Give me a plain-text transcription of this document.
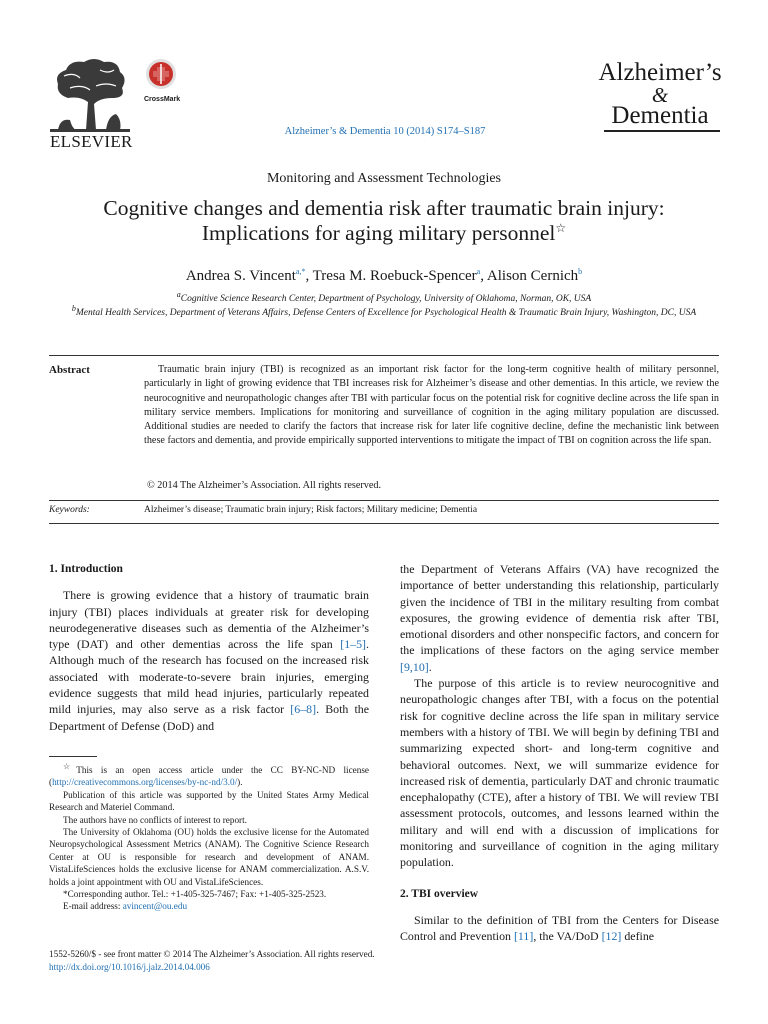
ELSEVIER
CrossMark
Alzheimer’s & Dementia 10 (2014) S174–S187
Alzheimer’s
&
Dementia
Monitoring and Assessment Technologies
Cognitive changes and dementia risk after traumatic brain injury:
Implications for aging military personnel☆
Andrea S. Vincent$^{a,*}$, Tresa M. Roebuck-Spencer$^a$, Alison Cernich$^b$
$^a$Cognitive Science Research Center, Department of Psychology, University of Oklahoma, Norman, OK, USA
$^b$Mental Health Services, Department of Veterans Affairs, Defense Centers of Excellence for Psychological Health & Traumatic Brain Injury, Washington, DC, USA
Abstract	Traumatic brain injury (TBI) is recognized as an important risk factor for the long-term cognitive health of military personnel, particularly in light of growing evidence that TBI increases risk for Alzheimer’s disease and other dementias. In this article, we review the neurocognitive and neuropathologic changes after TBI with particular focus on the potential risk for cognitive decline across the life span in military service members. Implications for monitoring and surveillance of cognition in the aging military population are discussed. Additional studies are needed to clarify the factors that increase risk for later life cognitive decline, define the mechanistic link between these factors and dementia, and provide empirically supported interventions to mitigate the impact of TBI on cognition across the life span.
© 2014 The Alzheimer’s Association. All rights reserved.
Keywords:	Alzheimer’s disease; Traumatic brain injury; Risk factors; Military medicine; Dementia

1. Introduction

There is growing evidence that a history of traumatic brain injury (TBI) places individuals at greater risk for developing neurodegenerative diseases such as dementia of the Alzheimer’s type (DAT) and other dementias across the life span [1–5]. Although much of the research has focused on the increased risk associated with moderate-to-severe brain injuries, emerging evidence suggests that mild head injuries, particularly repeated mild injuries, may also serve as a risk factor [6–8]. Both the Department of Defense (DoD) and

☆This is an open access article under the CC BY-NC-ND license (http://creativecommons.org/licenses/by-nc-nd/3.0/).

Publication of this article was supported by the United States Army Medical Research and Materiel Command.

The authors have no conflicts of interest to report.

The University of Oklahoma (OU) holds the exclusive license for the Automated Neuropsychological Assessment Metrics (ANAM). The Cognitive Science Research Center at OU is responsible for research and development of ANAM. VistaLifeSciences holds the exclusive license for ANAM commercialization. A.S.V. holds a joint appointment with OU and VistaLifeSciences.

*Corresponding author. Tel.: +1-405-325-7467; Fax: +1-405-325-2523.

E-mail address: avincent@ou.edu

the Department of Veterans Affairs (VA) have recognized the importance of better understanding this relationship, particularly given the incidence of TBI in the military resulting from combat exposures, the growing evidence of dementia risk after TBI, emotional disorders and other nonspecific factors, and concern for the implications of these factors on the aging service member [9,10].

The purpose of this article is to review neurocognitive and neuropathologic changes after TBI, with a focus on the potential risk for cognitive decline across the life span in military service members with a history of TBI. We will begin by defining TBI and summarizing expected short- and long-term cognitive and behavioral outcomes. Next, we will summarize evidence for increased risk of dementia, particularly DAT and chronic traumatic encephalopathy (CTE), after a history of TBI. We will review TBI assessment protocols, outcomes, and lessons learned within the military and will end with a discussion of implications for monitoring and surveillance of cognition in the aging military population.

2. TBI overview

Similar to the definition of TBI from the Centers for Disease Control and Prevention [11], the VA/DoD [12] define

1552-5260/$ - see front matter © 2014 The Alzheimer’s Association. All rights reserved.
http://dx.doi.org/10.1016/j.jalz.2014.04.006
